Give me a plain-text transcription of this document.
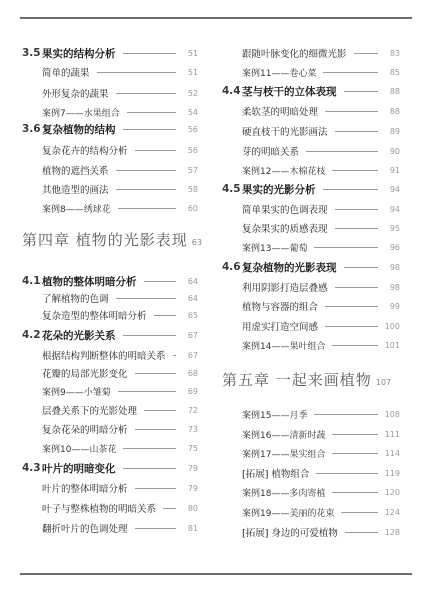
3.5 果实的结构分析	51
简单的蔬果	51
外形复杂的蔬果	52
案例7——水果组合	54
3.6 复杂植物的结构	56
复杂花卉的结构分析	56
植物的遮挡关系	57
其他造型的画法	58
案例8——绣球花	60
第四章 植物的光影表现 63
4.1 植物的整体明暗分析	64
了解植物的色调	64
复杂造型的整体明暗分析	65
4.2 花朵的光影关系	67
根据结构判断整体的明暗关系	67
花瓣的局部光影变化	68
案例9——小雏菊	69
层叠关系下的光影处理	72
复杂花朵的明暗分析	73
案例10——山茶花	75
4.3 叶片的明暗变化	79
叶片的整体明暗分析	79
叶子与整株植物的明暗关系	80
翻折叶片的色调处理	81
跟随叶脉变化的细微光影	83
案例11——卷心菜	85
4.4 茎与枝干的立体表现	88
柔软茎的明暗处理	88
硬直枝干的光影画法	89
芽的明暗关系	90
案例12——木棉花枝	91
4.5 果实的光影分析	94
简单果实的色调表现	94
复杂果实的质感表现	95
案例13——葡萄	96
4.6 复杂植物的光影表现	98
利用阴影打造层叠感	98
植物与容器的组合	99
用虚实打造空间感	100
案例14——果叶组合	101
第五章 一起来画植物 107
案例15——月季	108
案例16——清新时蔬	111
案例17——果实组合	114
[拓展] 植物组合	119
案例18——多肉寄植	120
案例19——美丽的花束	124
[拓展] 身边的可爱植物	128
